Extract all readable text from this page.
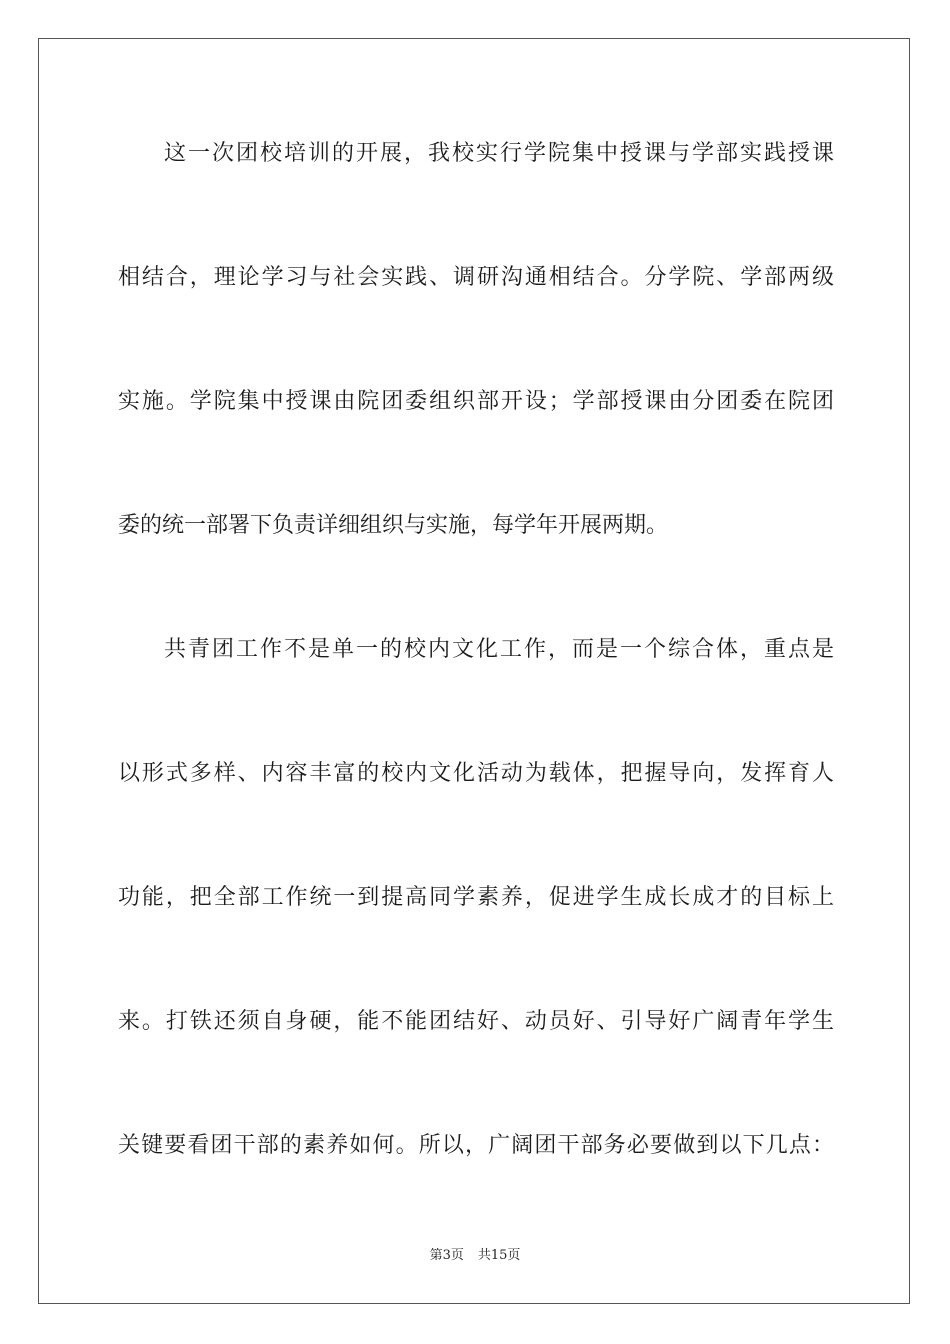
这一次团校培训的开展，我校实行学院集中授课与学部实践授课
相结合，理论学习与社会实践、调研沟通相结合。分学院、学部两级
实施。学院集中授课由院团委组织部开设；学部授课由分团委在院团
委的统一部署下负责详细组织与实施，每学年开展两期。
共青团工作不是单一的校内文化工作，而是一个综合体，重点是
以形式多样、内容丰富的校内文化活动为载体，把握导向，发挥育人
功能，把全部工作统一到提高同学素养，促进学生成长成才的目标上
来。打铁还须自身硬，能不能团结好、动员好、引导好广阔青年学生
关键要看团干部的素养如何。所以，广阔团干部务必要做到以下几点：
第3页 共15页
